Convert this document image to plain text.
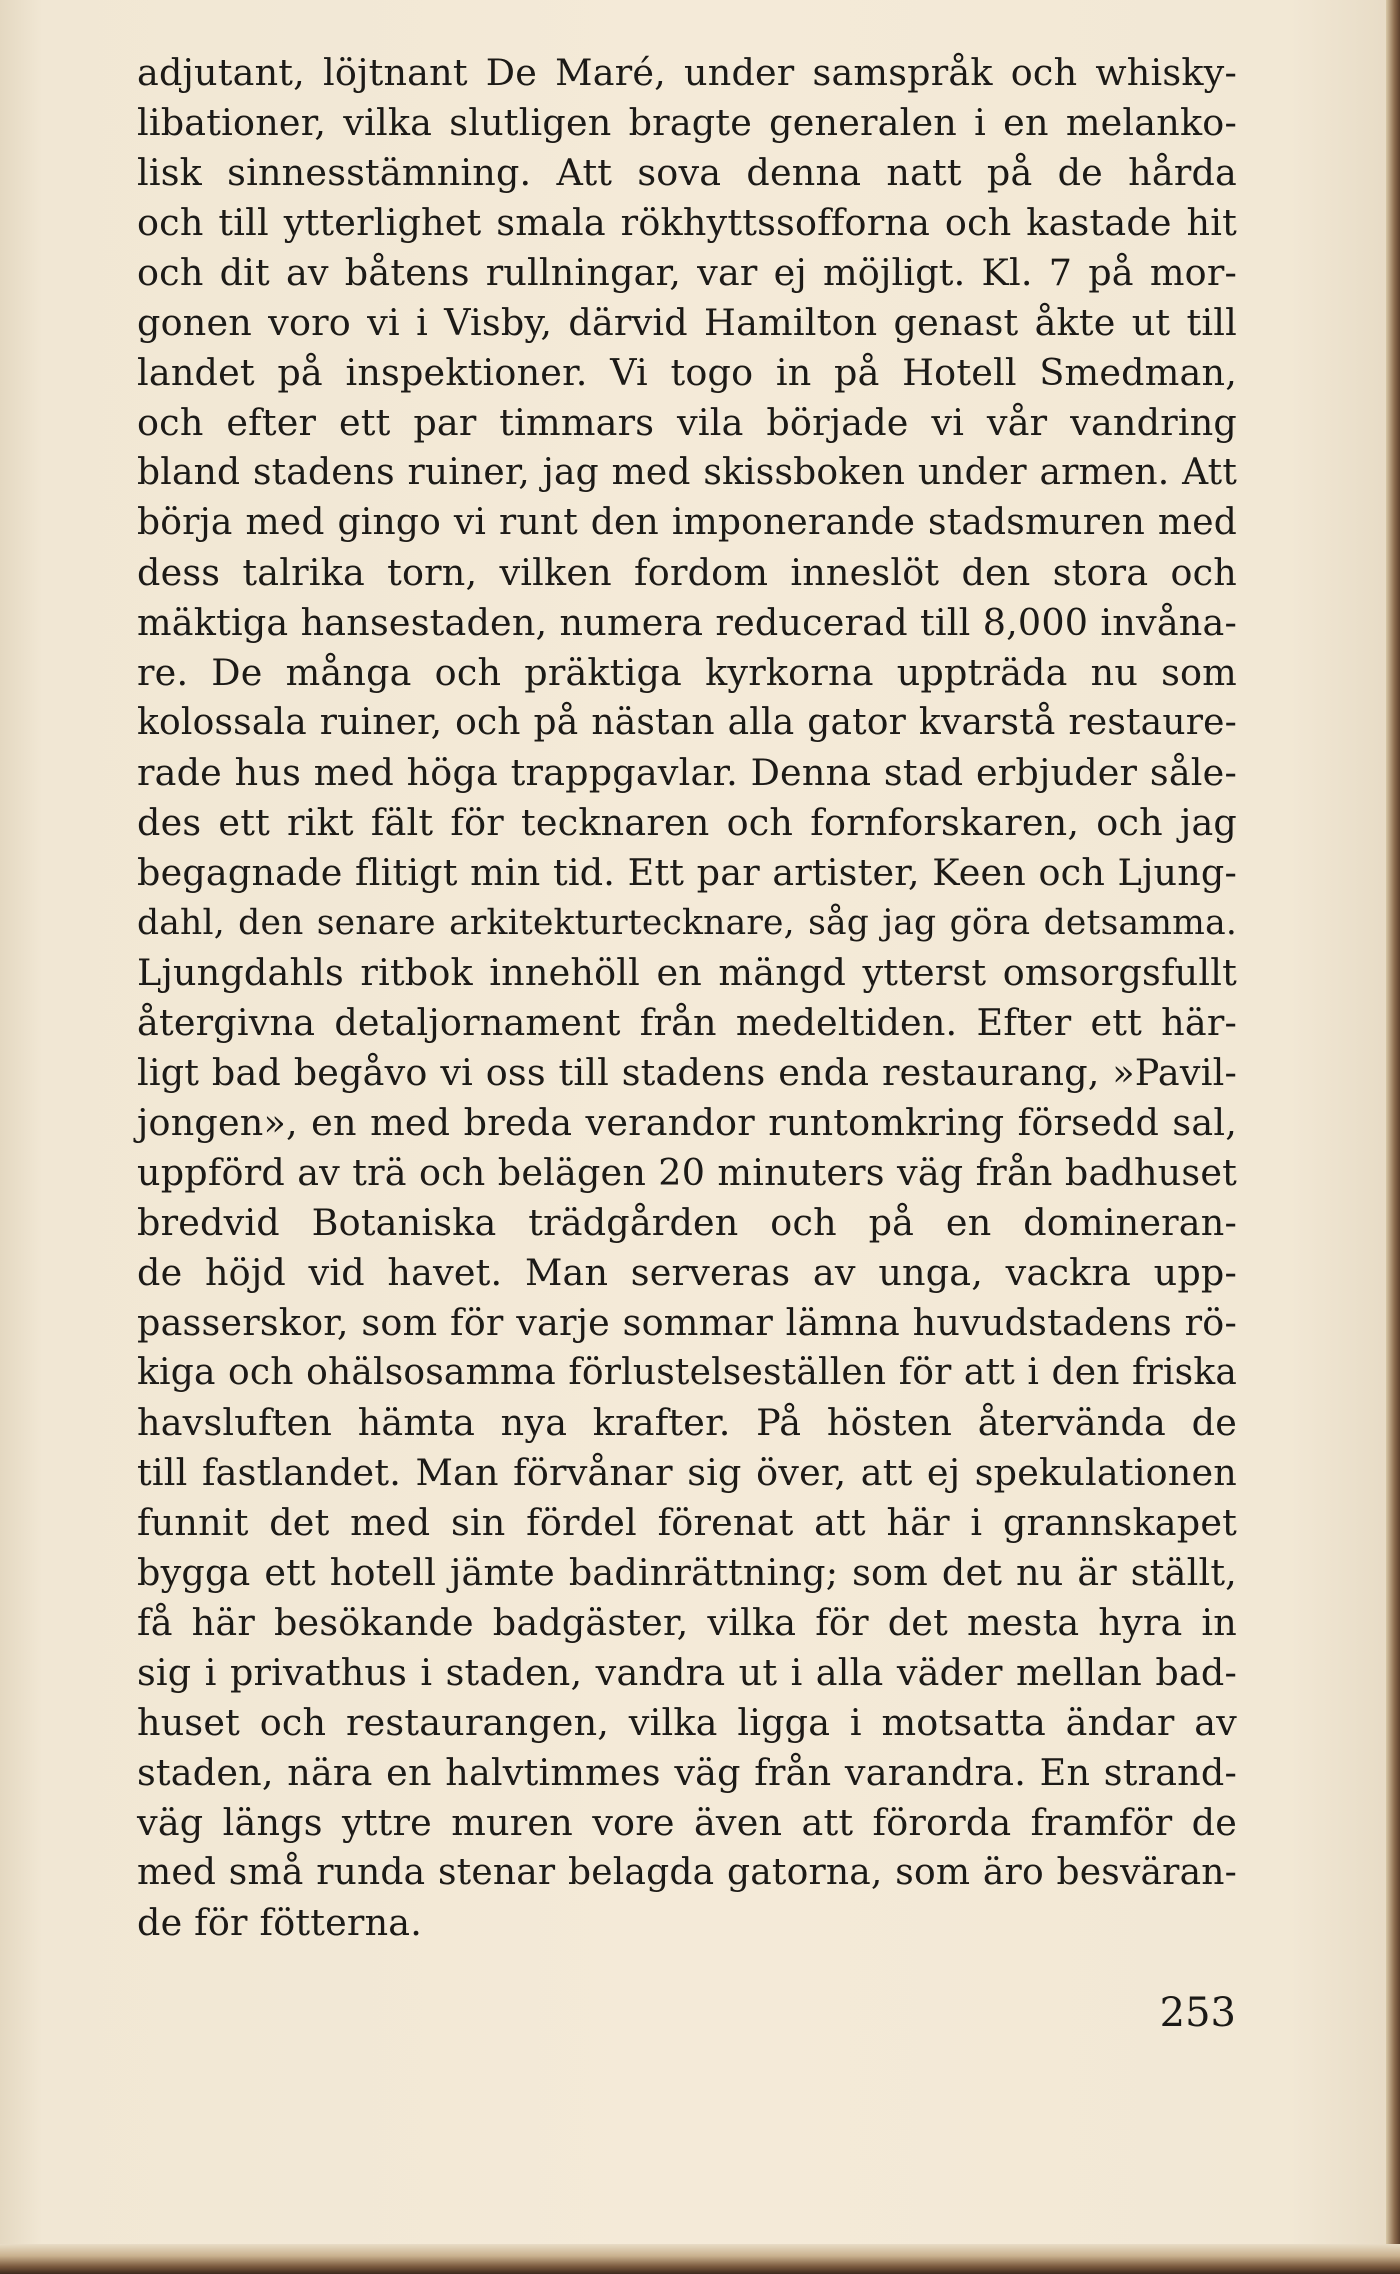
adjutant, löjtnant De Maré, under samspråk och whisky-
libationer, vilka slutligen bragte generalen i en melanko-
lisk sinnesstämning. Att sova denna natt på de hårda
och till ytterlighet smala rökhyttssofforna och kastade hit
och dit av båtens rullningar, var ej möjligt. Kl. 7 på mor-
gonen voro vi i Visby, därvid Hamilton genast åkte ut till
landet på inspektioner. Vi togo in på Hotell Smedman,
och efter ett par timmars vila började vi vår vandring
bland stadens ruiner, jag med skissboken under armen. Att
börja med gingo vi runt den imponerande stadsmuren med
dess talrika torn, vilken fordom inneslöt den stora och
mäktiga hansestaden, numera reducerad till 8,000 invåna-
re. De många och präktiga kyrkorna uppträda nu som
kolossala ruiner, och på nästan alla gator kvarstå restaure-
rade hus med höga trappgavlar. Denna stad erbjuder såle-
des ett rikt fält för tecknaren och fornforskaren, och jag
begagnade flitigt min tid. Ett par artister, Keen och Ljung-
dahl, den senare arkitekturtecknare, såg jag göra detsamma.
Ljungdahls ritbok innehöll en mängd ytterst omsorgsfullt
återgivna detaljornament från medeltiden. Efter ett här-
ligt bad begåvo vi oss till stadens enda restaurang, »Pavil-
jongen», en med breda verandor runtomkring försedd sal,
uppförd av trä och belägen 20 minuters väg från badhuset
bredvid Botaniska trädgården och på en domineran-
de höjd vid havet. Man serveras av unga, vackra upp-
passerskor, som för varje sommar lämna huvudstadens rö-
kiga och ohälsosamma förlustelseställen för att i den friska
havsluften hämta nya krafter. På hösten återvända de
till fastlandet. Man förvånar sig över, att ej spekulationen
funnit det med sin fördel förenat att här i grannskapet
bygga ett hotell jämte badinrättning; som det nu är ställt,
få här besökande badgäster, vilka för det mesta hyra in
sig i privathus i staden, vandra ut i alla väder mellan bad-
huset och restaurangen, vilka ligga i motsatta ändar av
staden, nära en halvtimmes väg från varandra. En strand-
väg längs yttre muren vore även att förorda framför de
med små runda stenar belagda gatorna, som äro besväran-
de för fötterna.
253
